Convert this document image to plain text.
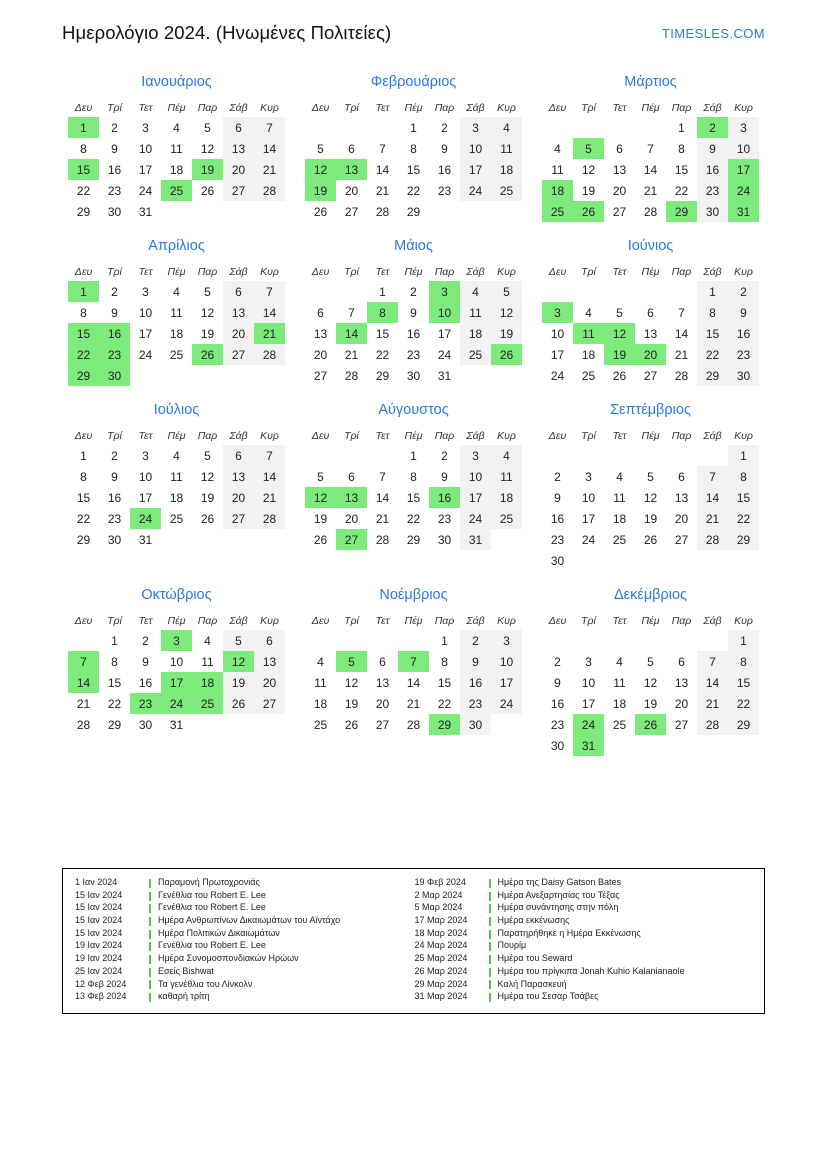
Ημερολόγιο 2024. (Ηνωμένες Πολιτείες)	TIMESLES.COM
Ιανουάριος
Δευ	Τρί	Τετ	Πέμ	Παρ	Σάβ	Κυρ
1	2	3	4	5	6	7
8	9	10	11	12	13	14
15	16	17	18	19	20	21
22	23	24	25	26	27	28
29	30	31				
Φεβρουάριος
Δευ	Τρί	Τετ	Πέμ	Παρ	Σάβ	Κυρ
			1	2	3	4
5	6	7	8	9	10	11
12	13	14	15	16	17	18
19	20	21	22	23	24	25
26	27	28	29			
Μάρτιος
Δευ	Τρί	Τετ	Πέμ	Παρ	Σάβ	Κυρ
				1	2	3
4	5	6	7	8	9	10
11	12	13	14	15	16	17
18	19	20	21	22	23	24
25	26	27	28	29	30	31
Απρίλιος
Δευ	Τρί	Τετ	Πέμ	Παρ	Σάβ	Κυρ
1	2	3	4	5	6	7
8	9	10	11	12	13	14
15	16	17	18	19	20	21
22	23	24	25	26	27	28
29	30					
Μάιος
Δευ	Τρί	Τετ	Πέμ	Παρ	Σάβ	Κυρ
		1	2	3	4	5
6	7	8	9	10	11	12
13	14	15	16	17	18	19
20	21	22	23	24	25	26
27	28	29	30	31		
Ιούνιος
Δευ	Τρί	Τετ	Πέμ	Παρ	Σάβ	Κυρ
					1	2
3	4	5	6	7	8	9
10	11	12	13	14	15	16
17	18	19	20	21	22	23
24	25	26	27	28	29	30
Ιούλιος
Δευ	Τρί	Τετ	Πέμ	Παρ	Σάβ	Κυρ
1	2	3	4	5	6	7
8	9	10	11	12	13	14
15	16	17	18	19	20	21
22	23	24	25	26	27	28
29	30	31				
Αύγουστος
Δευ	Τρί	Τετ	Πέμ	Παρ	Σάβ	Κυρ
			1	2	3	4
5	6	7	8	9	10	11
12	13	14	15	16	17	18
19	20	21	22	23	24	25
26	27	28	29	30	31	
Σεπτέμβριος
Δευ	Τρί	Τετ	Πέμ	Παρ	Σάβ	Κυρ
						1
2	3	4	5	6	7	8
9	10	11	12	13	14	15
16	17	18	19	20	21	22
23	24	25	26	27	28	29
30						
Οκτώβριος
Δευ	Τρί	Τετ	Πέμ	Παρ	Σάβ	Κυρ
	1	2	3	4	5	6
7	8	9	10	11	12	13
14	15	16	17	18	19	20
21	22	23	24	25	26	27
28	29	30	31			
Νοέμβριος
Δευ	Τρί	Τετ	Πέμ	Παρ	Σάβ	Κυρ
				1	2	3
4	5	6	7	8	9	10
11	12	13	14	15	16	17
18	19	20	21	22	23	24
25	26	27	28	29	30	
Δεκέμβριος
Δευ	Τρί	Τετ	Πέμ	Παρ	Σάβ	Κυρ
						1
2	3	4	5	6	7	8
9	10	11	12	13	14	15
16	17	18	19	20	21	22
23	24	25	26	27	28	29
30	31					
1 Ιαν 2024	Παραμονή Πρωτοχρονιάς
15 Ιαν 2024	Γενέθλια του Robert E. Lee
15 Ιαν 2024	Γενέθλια του Robert E. Lee
15 Ιαν 2024	Ημέρα Ανθρωπίνων Δικαιωμάτων του Αϊντάχο
15 Ιαν 2024	Ημέρα Πολιτικών Δικαιωμάτων
19 Ιαν 2024	Γενέθλια του Robert E. Lee
19 Ιαν 2024	Ημέρα Συνομοσπονδιακών Ηρώων
25 Ιαν 2024	Εσείς Bishwat
12 Φεβ 2024	Τα γενέθλια του Λίνκολν
13 Φεβ 2024	καθαρή τρίτη
19 Φεβ 2024	Ημέρα της Daisy Gatson Bates
2 Μαρ 2024	Ημέρα Ανεξαρτησίας του Τέξας
5 Μαρ 2024	Ημέρα συνάντησης στην πόλη
17 Μαρ 2024	Ημέρα εκκένωσης
18 Μαρ 2024	Παρατηρήθηκε η Ημέρα Εκκένωσης
24 Μαρ 2024	Πουρίμ
25 Μαρ 2024	Ημέρα του Seward
26 Μαρ 2024	Ημέρα του πρίγκιπα Jonah Kuhio Kalanianaole
29 Μαρ 2024	Καλή Παρασκευή
31 Μαρ 2024	Ημέρα του Σεσαρ Τσάβες
